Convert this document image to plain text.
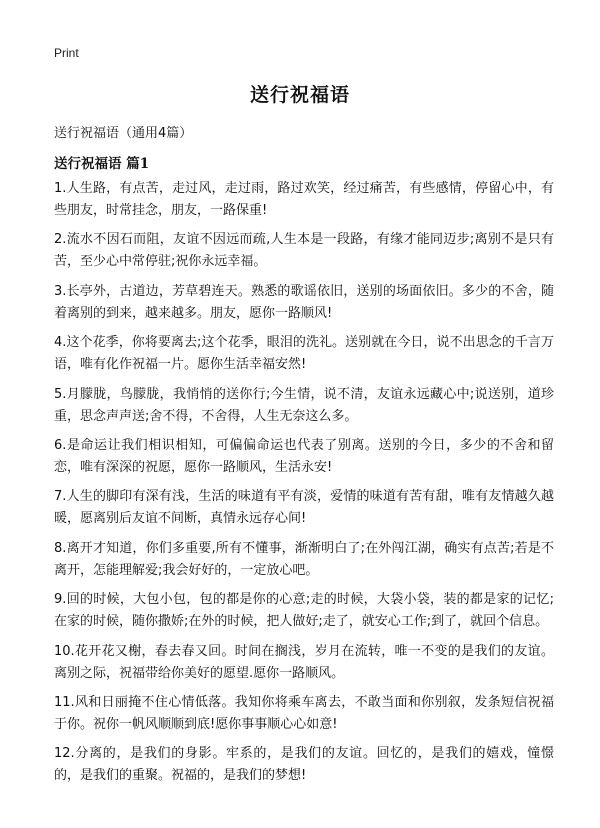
Print
送行祝福语
送行祝福语（通用4篇）
送行祝福语 篇1
1.人生路，有点苦，走过风，走过雨，路过欢笑，经过痛苦，有些感情，停留心中，有些朋友，时常挂念，朋友，一路保重!
2.流水不因石而阻，友谊不因远而疏,人生本是一段路，有缘才能同迈步;离别不是只有苦，至少心中常停驻;祝你永远幸福。
3.长亭外，古道边，芳草碧连天。熟悉的歌谣依旧，送别的场面依旧。多少的不舍，随着离别的到来，越来越多。朋友，愿你一路顺风!
4.这个花季，你将要离去;这个花季，眼泪的洗礼。送别就在今日，说不出思念的千言万语，唯有化作祝福一片。愿你生活幸福安然!
5.月朦胧，鸟朦胧，我悄悄的送你行;今生情，说不清，友谊永远藏心中;说送别，道珍重，思念声声送;舍不得，不舍得，人生无奈这么多。
6.是命运让我们相识相知，可偏偏命运也代表了别离。送别的今日，多少的不舍和留恋，唯有深深的祝愿，愿你一路顺风，生活永安!
7.人生的脚印有深有浅，生活的味道有平有淡，爱情的味道有苦有甜，唯有友情越久越暖，愿离别后友谊不间断，真情永远存心间!
8.离开才知道，你们多重要,所有不懂事，渐渐明白了;在外闯江湖，确实有点苦;若是不离开，怎能理解爱;我会好好的，一定放心吧。
9.回的时候，大包小包，包的都是你的心意;走的时候，大袋小袋，装的都是家的记忆;在家的时候，随你撒娇;在外的时候，把人做好;走了，就安心工作;到了，就回个信息。
10.花开花又榭，春去春又回。时间在搁浅，岁月在流转，唯一不变的是我们的友谊。离别之际，祝福带给你美好的愿望.愿你一路顺风。
11.风和日丽掩不住心情低落。我知你将乘车离去，不敢当面和你别叙，发条短信祝福于你。祝你一帆风顺顺到底!愿你事事顺心心如意!
12.分离的，是我们的身影。牢系的，是我们的友谊。回忆的，是我们的嬉戏，憧憬的，是我们的重聚。祝福的，是我们的梦想!
